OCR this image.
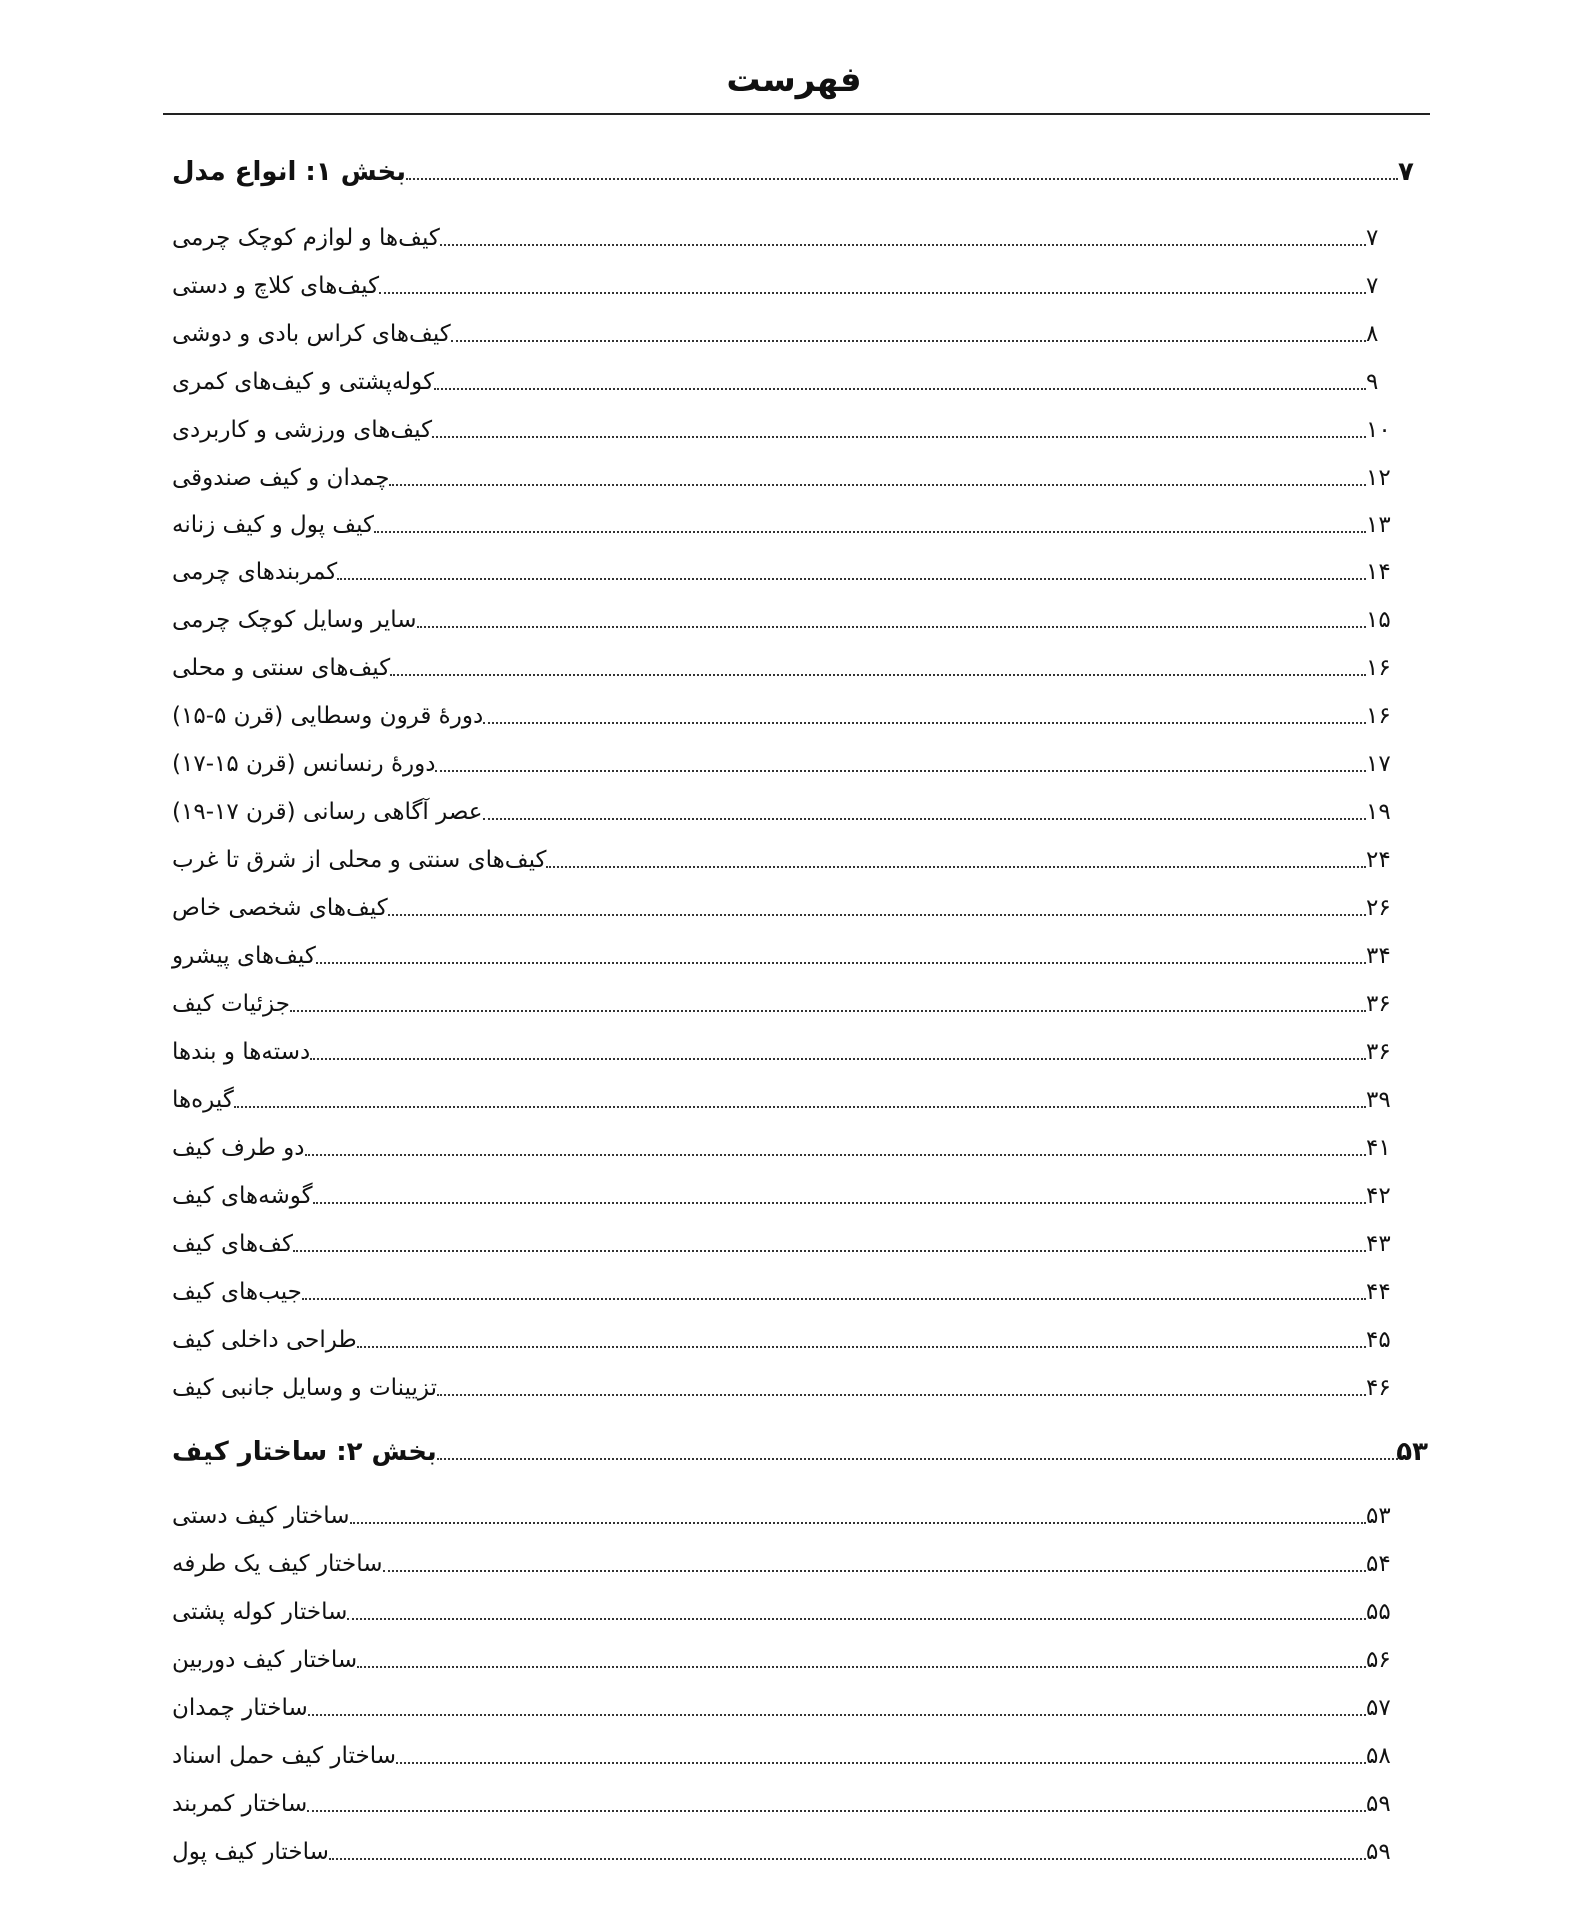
فهرست
بخش ۱: انواع مدل	۷
کیف‌ها و لوازم کوچک چرمی	۷
کیف‌های کلاچ و دستی	۷
کیف‌های کراس بادی و دوشی	۸
کوله‌پشتی و کیف‌های کمری	۹
کیف‌های ورزشی و کاربردی	۱۰
چمدان و کیف صندوقی	۱۲
کیف پول و کیف زنانه	۱۳
کمربندهای چرمی	۱۴
سایر وسایل کوچک چرمی	۱۵
کیف‌های سنتی و محلی	۱۶
دورهٔ قرون وسطایی (قرن ۵-۱۵)	۱۶
دورهٔ رنسانس (قرن ۱۵-۱۷)	۱۷
عصر آگاهی رسانی (قرن ۱۷-۱۹)	۱۹
کیف‌های سنتی و محلی از شرق تا غرب	۲۴
کیف‌های شخصی خاص	۲۶
کیف‌های پیشرو	۳۴
جزئیات کیف	۳۶
دسته‌ها و بندها	۳۶
گیره‌ها	۳۹
دو طرف کیف	۴۱
گوشه‌های کیف	۴۲
کف‌های کیف	۴۳
جیب‌های کیف	۴۴
طراحی داخلی کیف	۴۵
تزیینات و وسایل جانبی کیف	۴۶
بخش ۲: ساختار کیف	۵۳
ساختار کیف دستی	۵۳
ساختار کیف یک طرفه	۵۴
ساختار کوله پشتی	۵۵
ساختار کیف دوربین	۵۶
ساختار چمدان	۵۷
ساختار کیف حمل اسناد	۵۸
ساختار کمربند	۵۹
ساختار کیف پول	۵۹
